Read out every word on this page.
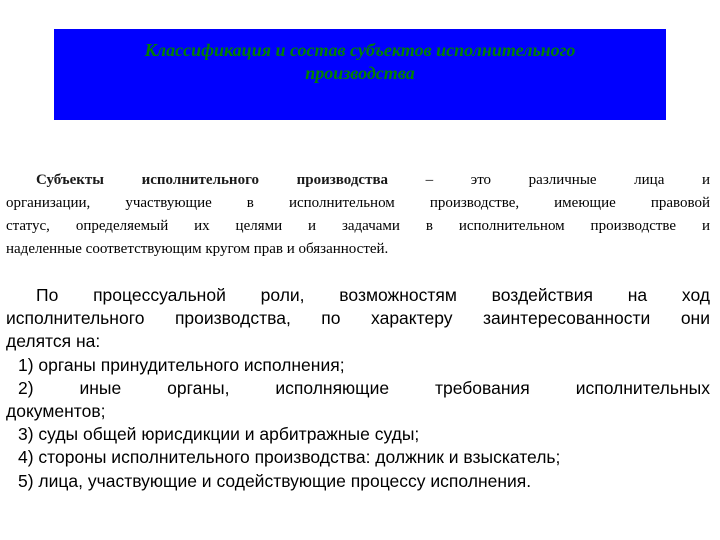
Классификация и состав субъектов исполнительного
производства
Субъекты исполнительного производства – это различные лица и
организации, участвующие в исполнительном производстве, имеющие правовой
статус, определяемый их целями и задачами в исполнительном производстве и
наделенные соответствующим кругом прав и обязанностей.
По процессуальной роли, возможностям воздействия на ход
исполнительного производства, по характеру заинтересованности они
делятся на:
1) органы принудительного исполнения;
2) иные органы, исполняющие требования исполнительных
документов;
3) суды общей юрисдикции и арбитражные суды;
4) стороны исполнительного производства: должник и взыскатель;
5) лица, участвующие и содействующие процессу исполнения.
